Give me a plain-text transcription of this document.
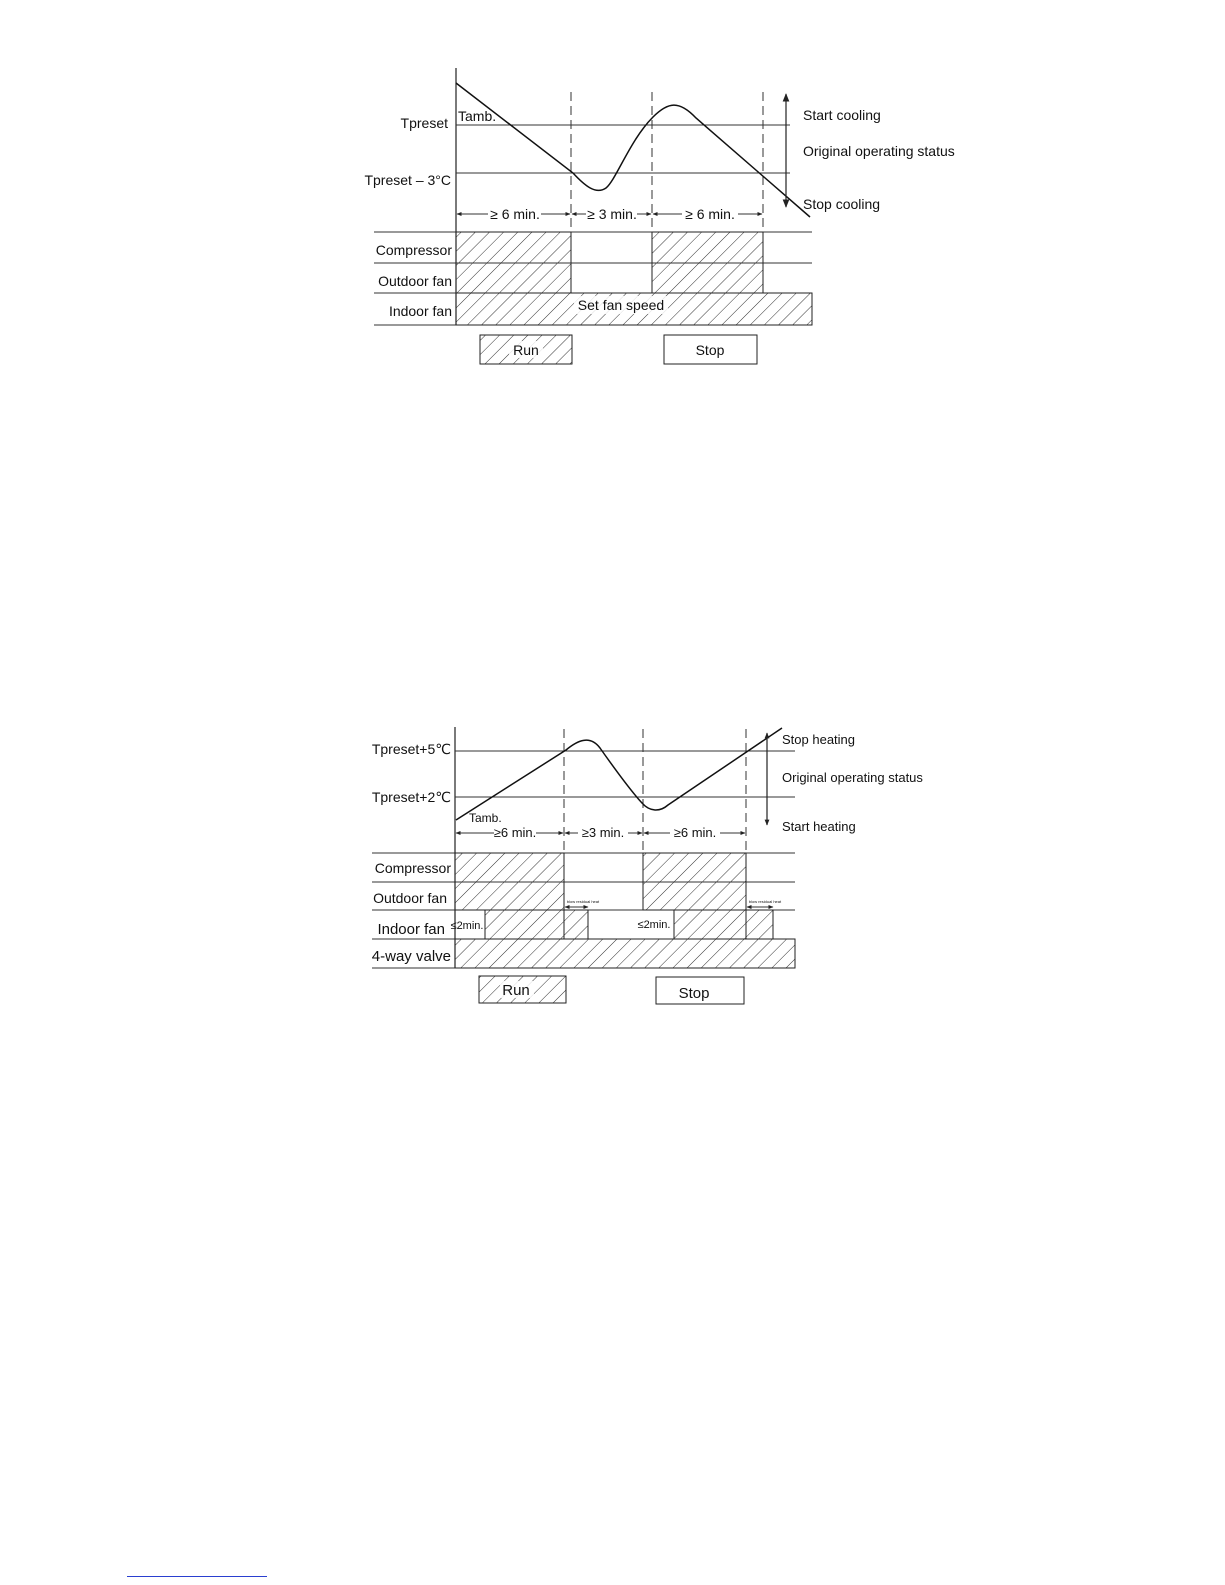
Tpreset
Tpreset – 3°C
Tamb.	Start cooling
Original operating status
Stop cooling
≥ 6 min.	≥ 3 min.	≥ 6 min.
Compressor
Outdoor fan
Indoor fan	Set fan speed
Run	Stop
Tpreset+5℃
Tpreset+2℃
Tamb.
Stop heating
Original operating status
Start heating
≥6 min.	≥3 min.	≥6 min.
≤2min.	≤2min.
blow residual heat	blow residual heat
Compressor
Outdoor fan
Indoor fan
4-way valve
Run	Stop
